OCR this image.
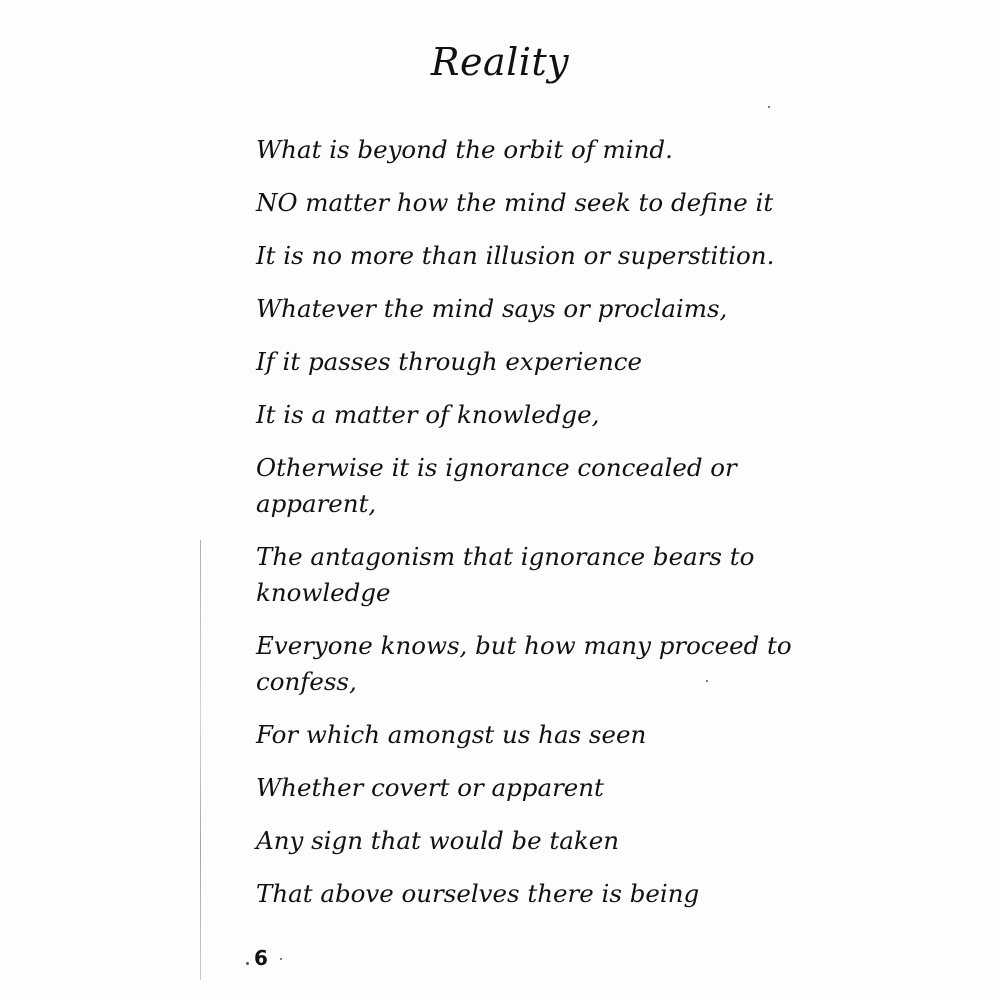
Reality
What is beyond the orbit of mind.
NO matter how the mind seek to define it
It is no more than illusion or superstition.
Whatever the mind says or proclaims,
If it passes through experience
It is a matter of knowledge,
Otherwise it is ignorance concealed or
apparent,
The antagonism that ignorance bears to
knowledge
Everyone knows, but how many proceed to
confess,
For which amongst us has seen
Whether covert or apparent
Any sign that would be taken
That above ourselves there is being
6
